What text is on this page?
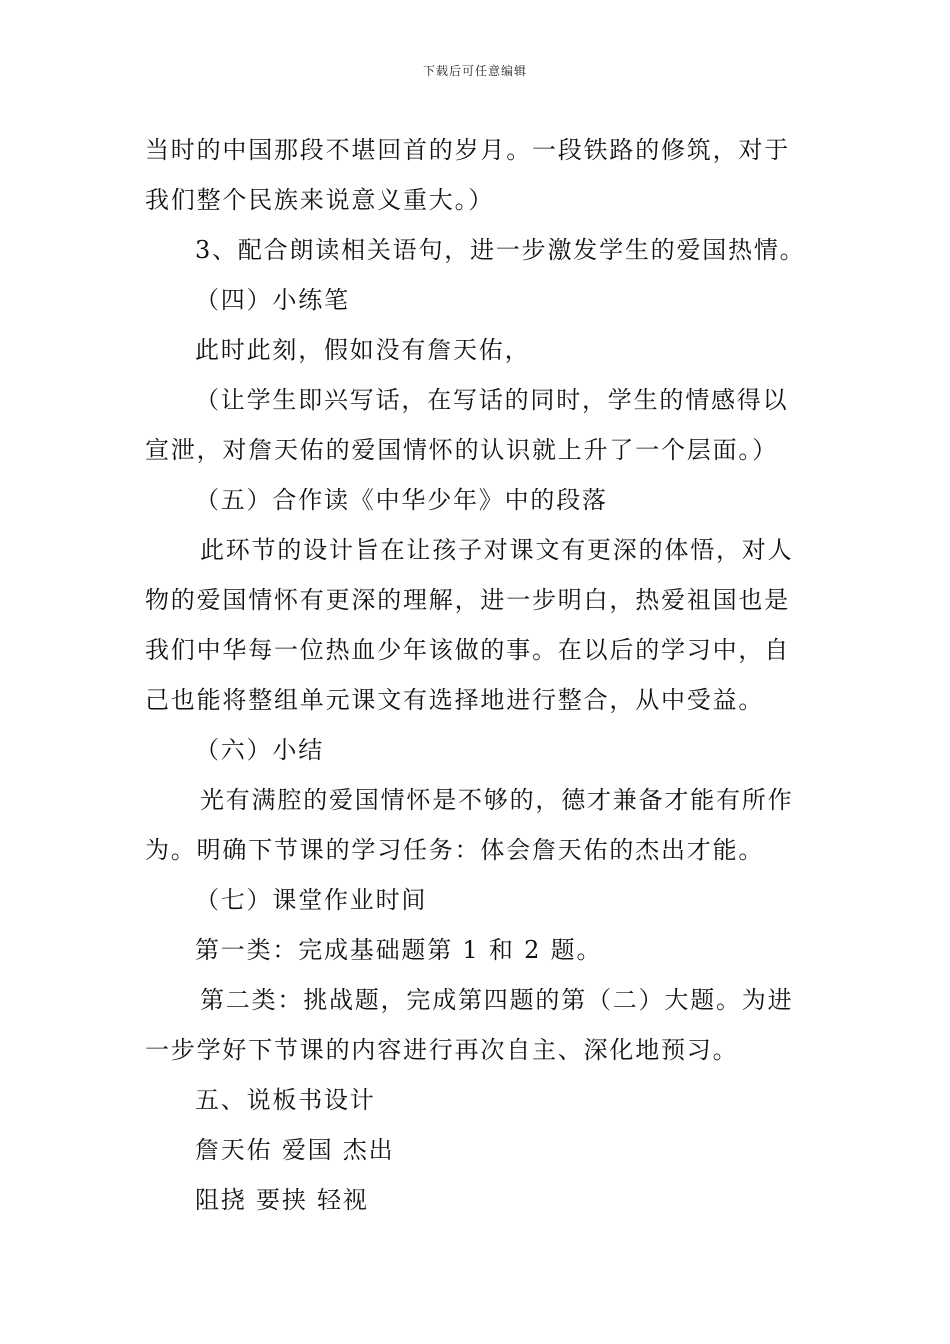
下载后可任意编辑
当时的中国那段不堪回首的岁月。一段铁路的修筑，对于
我们整个民族来说意义重大。）
3、配合朗读相关语句，进一步激发学生的爱国热情。
（四）小练笔
此时此刻，假如没有詹天佑，
（让学生即兴写话，在写话的同时，学生的情感得以
宣泄，对詹天佑的爱国情怀的认识就上升了一个层面。）
（五）合作读《中华少年》中的段落
此环节的设计旨在让孩子对课文有更深的体悟，对人
物的爱国情怀有更深的理解，进一步明白，热爱祖国也是
我们中华每一位热血少年该做的事。在以后的学习中，自
己也能将整组单元课文有选择地进行整合，从中受益。
（六）小结
光有满腔的爱国情怀是不够的，德才兼备才能有所作
为。明确下节课的学习任务：体会詹天佑的杰出才能。
（七）课堂作业时间
第一类：完成基础题第 1 和 2 题。
第二类：挑战题，完成第四题的第（二）大题。为进
一步学好下节课的内容进行再次自主、深化地预习。
五、说板书设计
詹天佑 爱国 杰出
阻挠 要挟 轻视
